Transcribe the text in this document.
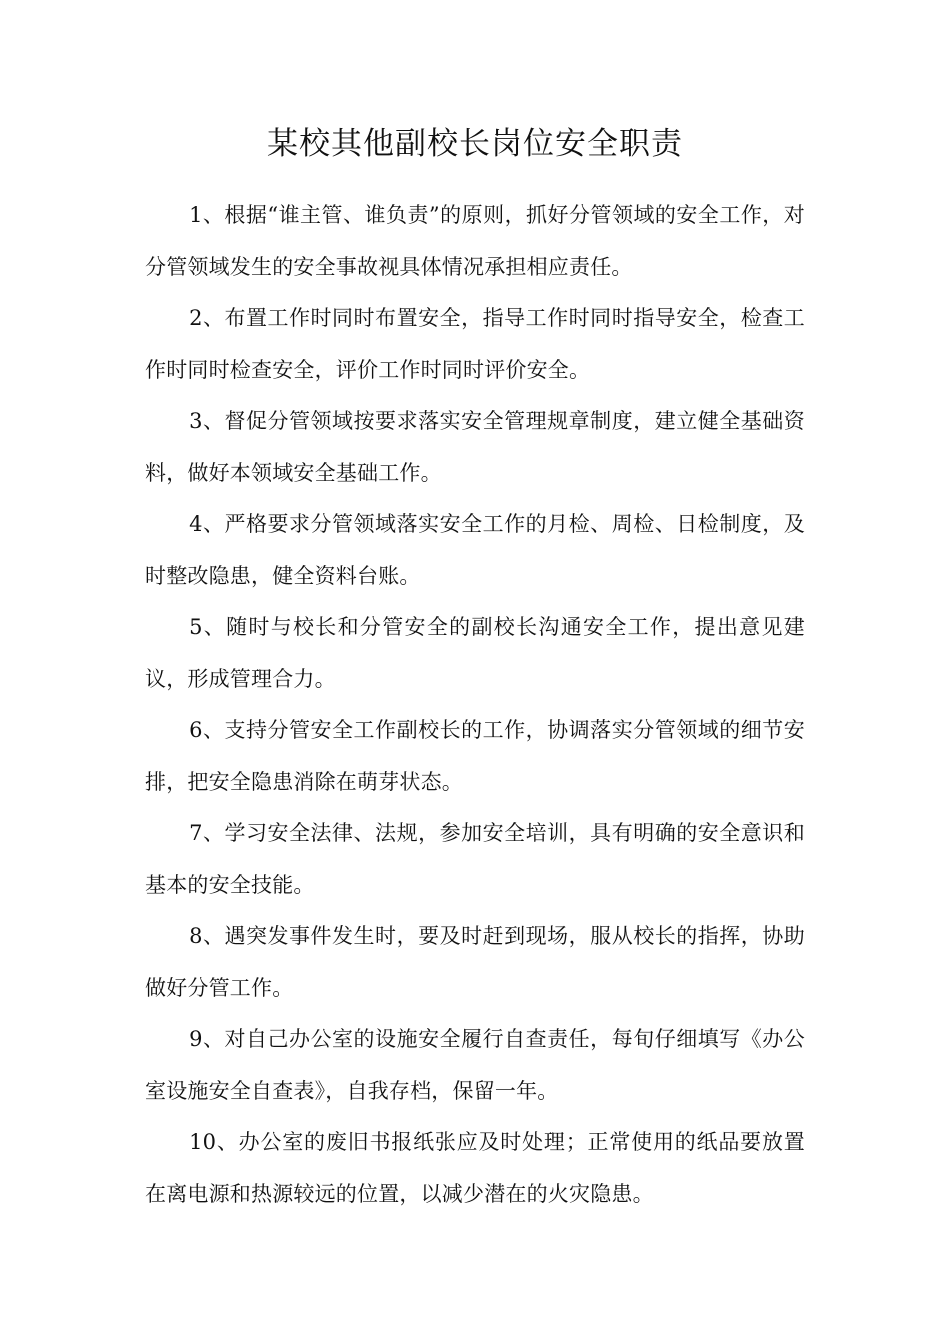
某校其他副校长岗位安全职责

1、根据“谁主管、谁负责”的原则，抓好分管领域的安全工作，对分管领域发生的安全事故视具体情况承担相应责任。

2、布置工作时同时布置安全，指导工作时同时指导安全，检查工作时同时检查安全，评价工作时同时评价安全。

3、督促分管领域按要求落实安全管理规章制度，建立健全基础资料，做好本领域安全基础工作。

4、严格要求分管领域落实安全工作的月检、周检、日检制度，及时整改隐患，健全资料台账。

5、随时与校长和分管安全的副校长沟通安全工作，提出意见建议，形成管理合力。

6、支持分管安全工作副校长的工作，协调落实分管领域的细节安排，把安全隐患消除在萌芽状态。

7、学习安全法律、法规，参加安全培训，具有明确的安全意识和基本的安全技能。

8、遇突发事件发生时，要及时赶到现场，服从校长的指挥，协助做好分管工作。

9、对自己办公室的设施安全履行自查责任，每旬仔细填写《办公室设施安全自查表》，自我存档，保留一年。

10、办公室的废旧书报纸张应及时处理；正常使用的纸品要放置在离电源和热源较远的位置，以减少潜在的火灾隐患。
